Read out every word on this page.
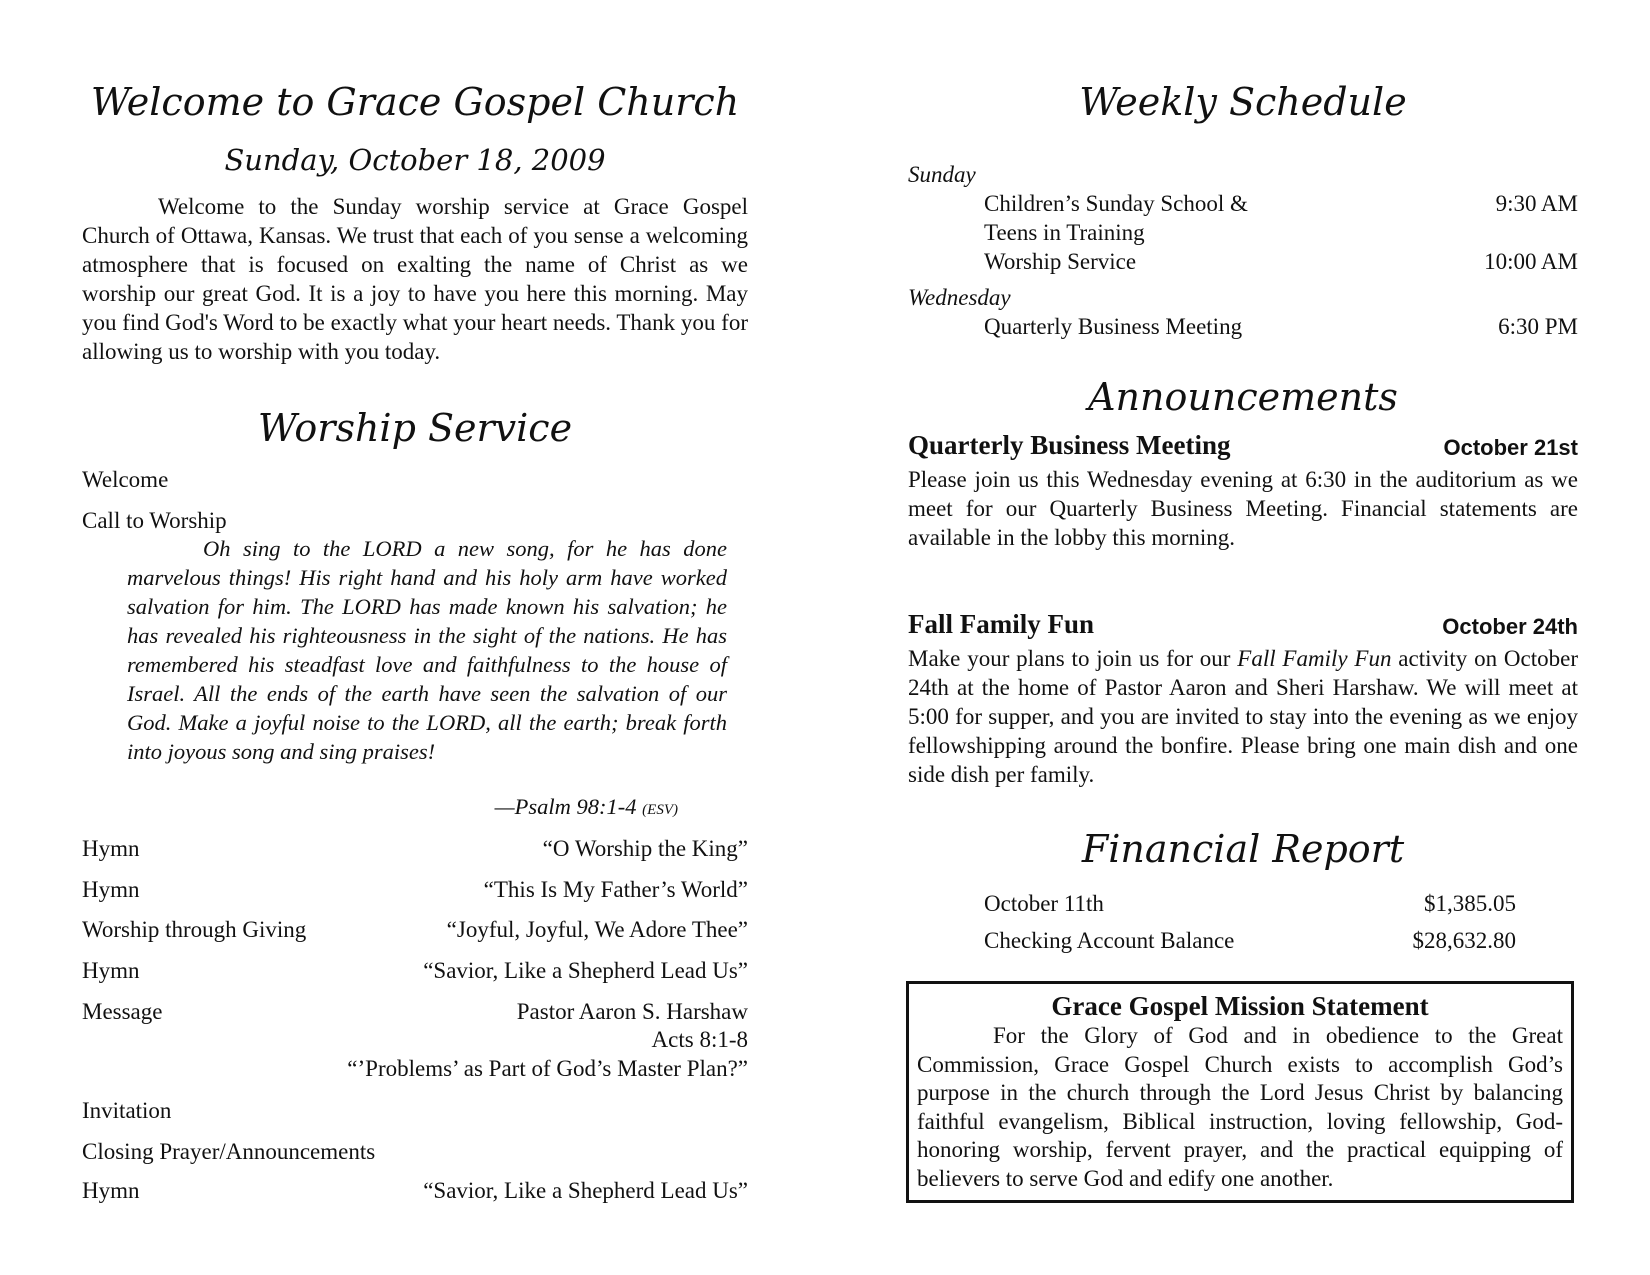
Welcome to Grace Gospel Church
Sunday, October 18, 2009
Welcome to the Sunday worship service at Grace Gospel Church of Ottawa, Kansas. We trust that each of you sense a welcoming atmosphere that is focused on exalting the name of Christ as we worship our great God. It is a joy to have you here this morning. May you find God's Word to be exactly what your heart needs. Thank you for allowing us to worship with you today.
Worship Service
Welcome
Call to Worship
Oh sing to the LORD a new song, for he has done marvelous things! His right hand and his holy arm have worked salvation for him. The LORD has made known his salvation; he has revealed his righteousness in the sight of the nations. He has remembered his steadfast love and faithfulness to the house of Israel. All the ends of the earth have seen the salvation of our God. Make a joyful noise to the LORD, all the earth; break forth into joyous song and sing praises!
—Psalm 98:1-4 (ESV)
Hymn	“O Worship the King”
Hymn	“This Is My Father’s World”
Worship through Giving	“Joyful, Joyful, We Adore Thee”
Hymn	“Savior, Like a Shepherd Lead Us”
Message	Pastor Aaron S. Harshaw
Acts 8:1-8
“’Problems’ as Part of God’s Master Plan?”
Invitation
Closing Prayer/Announcements
Hymn	“Savior, Like a Shepherd Lead Us”
Weekly Schedule
Sunday
Children’s Sunday School &	9:30 AM
Teens in Training
Worship Service	10:00 AM
Wednesday
Quarterly Business Meeting	6:30 PM
Announcements
Quarterly Business Meeting	October 21st
Please join us this Wednesday evening at 6:30 in the auditorium as we meet for our Quarterly Business Meeting. Financial statements are available in the lobby this morning.
Fall Family Fun	October 24th
Make your plans to join us for our Fall Family Fun activity on October 24th at the home of Pastor Aaron and Sheri Harshaw. We will meet at 5:00 for supper, and you are invited to stay into the evening as we enjoy fellowshipping around the bonfire. Please bring one main dish and one side dish per family.
Financial Report
October 11th	$1,385.05
Checking Account Balance	$28,632.80
Grace Gospel Mission Statement
For the Glory of God and in obedience to the Great Commission, Grace Gospel Church exists to accomplish God’s purpose in the church through the Lord Jesus Christ by balancing faithful evangelism, Biblical instruction, loving fellowship, God-honoring worship, fervent prayer, and the practical equipping of believers to serve God and edify one another.
